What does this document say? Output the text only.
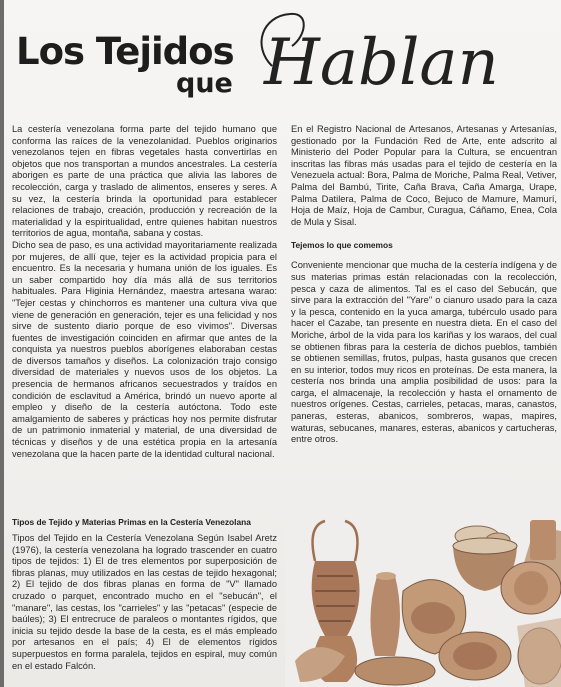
Los Tejidos
que Hablan

La cestería venezolana forma parte del tejido humano que conforma las raíces de la venezolanidad. Pueblos originarios venezolanos tejen en fibras vegetales hasta convertirlas en objetos que nos transportan a mundos ancestrales. La cestería aborigen es parte de una práctica que alivia las labores de recolección, carga y traslado de alimentos, enseres y seres. A su vez, la cestería brinda la oportunidad para establecer relaciones de trabajo, creación, producción y recreación de la materialidad y la espiritualidad, entre quienes habitan nuestros territorios de agua, montaña, sabana y costas.

Dicho sea de paso, es una actividad mayoritariamente realizada por mujeres, de allí que, tejer es la actividad propicia para el encuentro. Es la necesaria y humana unión de los iguales. Es un saber compartido hoy día más allá de sus territorios habituales. Para Higinia Hernández, maestra artesana warao: "Tejer cestas y chinchorros es mantener una cultura viva que viene de generación en generación, tejer es una felicidad y nos sirve de sustento diario porque de eso vivimos". Diversas fuentes de investigación coinciden en afirmar que antes de la conquista ya nuestros pueblos aborígenes elaboraban cestas de diversos tamaños y diseños. La colonización trajo consigo diversidad de materiales y nuevos usos de los objetos. La presencia de hermanos africanos secuestrados y traídos en condición de esclavitud a América, brindó un nuevo aporte al empleo y diseño de la cestería autóctona. Todo este amalgamiento de saberes y prácticas hoy nos permite disfrutar de un patrimonio inmaterial y material, de una diversidad de técnicas y diseños y de una estética propia en la artesanía venezolana que la hacen parte de la identidad cultural nacional.

Tipos de Tejido y Materias Primas en la Cestería Venezolana

Tipos del Tejido en la Cestería Venezolana Según Isabel Aretz (1976), la cestería venezolana ha logrado trascender en cuatro tipos de tejidos: 1) El de tres elementos por superposición de fibras planas, muy utilizados en las cestas de tejido hexagonal; 2) El tejido de dos fibras planas en forma de "V" llamado cruzado o parquet, encontrado mucho en el "sebucán", el "manare", las cestas, los "carrieles" y las "petacas" (especie de baúles); 3) El entrecruce de paraleos o montantes rígidos, que inicia su tejido desde la base de la cesta, es el más empleado por artesanos en el país; 4) El de elementos rígidos superpuestos en forma paralela, tejidos en espiral, muy común en el estado Falcón.

En el Registro Nacional de Artesanos, Artesanas y Artesanías, gestionado por la Fundación Red de Arte, ente adscrito al Ministerio del Poder Popular para la Cultura, se encuentran inscritas las fibras más usadas para el tejido de cestería en la Venezuela actual: Bora, Palma de Moriche, Palma Real, Vetiver, Palma del Bambú, Tirite, Caña Brava, Caña Amarga, Urape, Palma Datilera, Palma de Coco, Bejuco de Mamure, Mamurí, Hoja de Maíz, Hoja de Cambur, Curagua, Cáñamo, Enea, Cola de Mula y Sisal.

Tejemos lo que comemos

Conveniente mencionar que mucha de la cestería indígena y de sus materias primas están relacionadas con la recolección, pesca y caza de alimentos. Tal es el caso del Sebucán, que sirve para la extracción del "Yare" o cianuro usado para la caza y la pesca, contenido en la yuca amarga, tubérculo usado para hacer el Cazabe, tan presente en nuestra dieta. En el caso del Moriche, árbol de la vida para los kariñas y los waraos, del cual se obtienen fibras para la cestería de dichos pueblos, también se obtienen semillas, frutos, pulpas, hasta gusanos que crecen en su interior, todos muy ricos en proteínas. De esta manera, la cestería nos brinda una amplia posibilidad de usos: para la carga, el almacenaje, la recolección y hasta el ornamento de nuestros orígenes. Cestas, carrieles, petacas, maras, canastos, paneras, esteras, abanicos, sombreros, wapas, mapires, waturas, sebucanes, manares, esteras, abanicos y cartucheras, entre otros.
